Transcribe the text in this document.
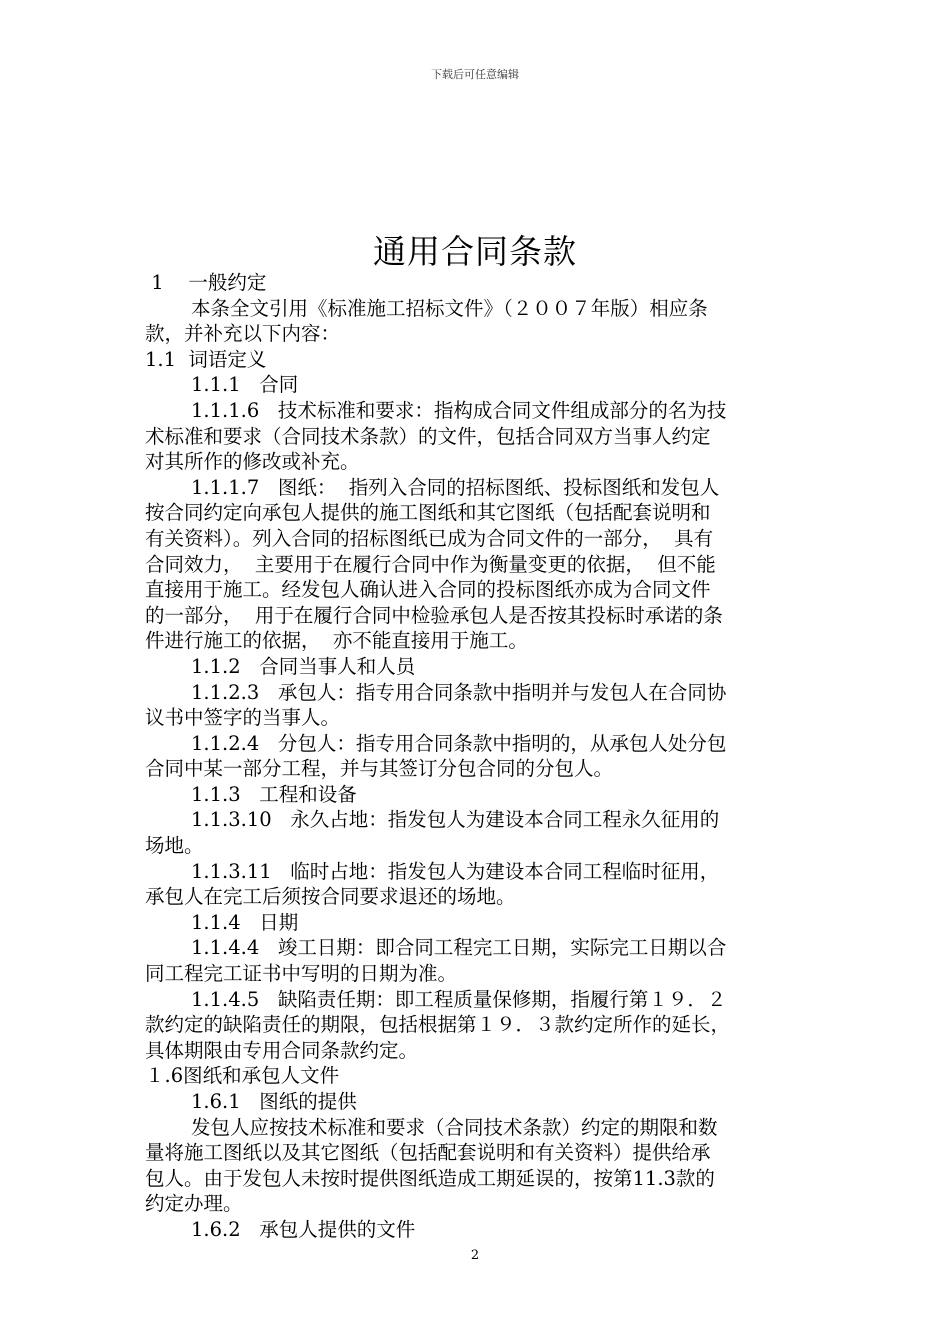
下载后可任意编辑
通用合同条款
1    一般约定
本条全文引用《标准施工招标文件》（２００７年版）相应条
款，并补充以下内容：
1.1  词语定义
1.1.1   合同
1.1.1.6   技术标准和要求：指构成合同文件组成部分的名为技
术标准和要求（合同技术条款）的文件，包括合同双方当事人约定
对其所作的修改或补充。
1.1.1.7   图纸：  指列入合同的招标图纸、投标图纸和发包人
按合同约定向承包人提供的施工图纸和其它图纸（包括配套说明和
有关资料）。列入合同的招标图纸已成为合同文件的一部分，  具有
合同效力，  主要用于在履行合同中作为衡量变更的依据，  但不能
直接用于施工。经发包人确认进入合同的投标图纸亦成为合同文件
的一部分，  用于在履行合同中检验承包人是否按其投标时承诺的条
件进行施工的依据，  亦不能直接用于施工。
1.1.2   合同当事人和人员
1.1.2.3   承包人：指专用合同条款中指明并与发包人在合同协
议书中签字的当事人。
1.1.2.4   分包人：指专用合同条款中指明的，从承包人处分包
合同中某一部分工程，并与其签订分包合同的分包人。
1.1.3   工程和设备
1.1.3.10   永久占地：指发包人为建设本合同工程永久征用的
场地。
1.1.3.11   临时占地：指发包人为建设本合同工程临时征用，
承包人在完工后须按合同要求退还的场地。
1.1.4   日期
1.1.4.4   竣工日期：即合同工程完工日期，实际完工日期以合
同工程完工证书中写明的日期为准。
1.1.4.5   缺陷责任期：即工程质量保修期，指履行第１９．２
款约定的缺陷责任的期限，包括根据第１９．３款约定所作的延长，
具体期限由专用合同条款约定。
１.6图纸和承包人文件
1.6.1   图纸的提供
发包人应按技术标准和要求（合同技术条款）约定的期限和数
量将施工图纸以及其它图纸（包括配套说明和有关资料）提供给承
包人。由于发包人未按时提供图纸造成工期延误的，按第11.3款的
约定办理。
1.6.2   承包人提供的文件
2
